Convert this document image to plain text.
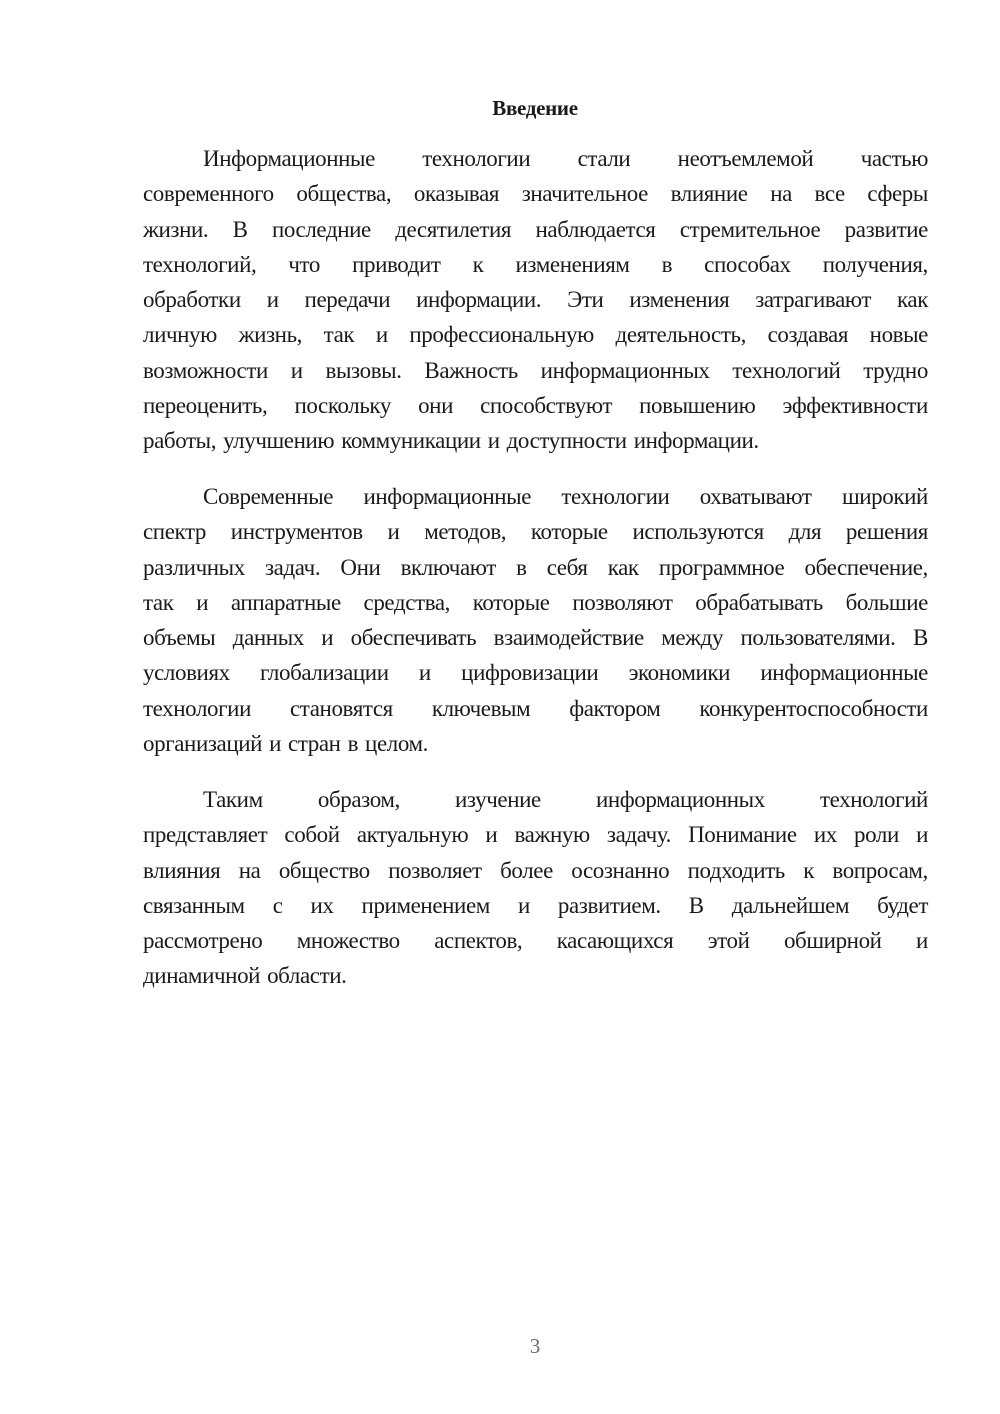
Введение
Информационные технологии стали неотъемлемой частью
современного общества, оказывая значительное влияние на все сферы
жизни. В последние десятилетия наблюдается стремительное развитие
технологий, что приводит к изменениям в способах получения,
обработки и передачи информации. Эти изменения затрагивают как
личную жизнь, так и профессиональную деятельность, создавая новые
возможности и вызовы. Важность информационных технологий трудно
переоценить, поскольку они способствуют повышению эффективности
работы, улучшению коммуникации и доступности информации.
Современные информационные технологии охватывают широкий
спектр инструментов и методов, которые используются для решения
различных задач. Они включают в себя как программное обеспечение,
так и аппаратные средства, которые позволяют обрабатывать большие
объемы данных и обеспечивать взаимодействие между пользователями. В
условиях глобализации и цифровизации экономики информационные
технологии становятся ключевым фактором конкурентоспособности
организаций и стран в целом.
Таким образом, изучение информационных технологий
представляет собой актуальную и важную задачу. Понимание их роли и
влияния на общество позволяет более осознанно подходить к вопросам,
связанным с их применением и развитием. В дальнейшем будет
рассмотрено множество аспектов, касающихся этой обширной и
динамичной области.
3
